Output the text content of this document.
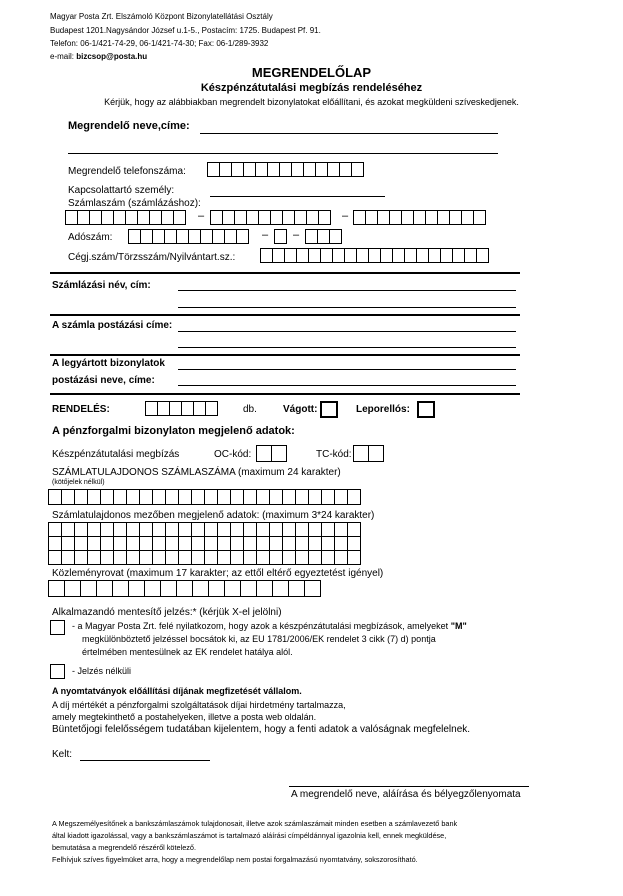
Magyar Posta Zrt. Elszámoló Központ Bizonylatellátási Osztály
Budapest 1201.Nagysándor József u.1-5., Postacím: 1725. Budapest Pf. 91.
Telefon: 06-1/421-74-29, 06-1/421-74-30; Fax: 06-1/289-3932
e-mail: bizcsop@posta.hu
MEGRENDELŐLAP
Készpénzátutalási megbízás rendeléséhez
Kérjük, hogy az alábbiakban megrendelt bizonylatokat előállítani, és azokat megküldeni szíveskedjenek.
Megrendelő neve,címe:
Megrendelő telefonszáma:
Kapcsolattartó személy:
Számlaszám (számlázáshoz):
–	–
Adószám:	– –
Cégj.szám/Törzsszám/Nyilvántart.sz.:
Számlázási név, cím:
A számla postázási címe:
A legyártott bizonylatok
postázási neve, címe:
RENDELÉS:	db.	Vágott:	Leporellós:
A pénzforgalmi bizonylaton megjelenő adatok:
Készpénzátutalási megbízás	OC-kód:	TC-kód:
SZÁMLATULAJDONOS SZÁMLASZÁMA (maximum 24 karakter)
(kötőjelek nélkül)
Számlatulajdonos mezőben megjelenő adatok: (maximum 3*24 karakter)
Közleményrovat (maximum 17 karakter; az ettől eltérő egyeztetést igényel)
Alkalmazandó mentesítő jelzés:* (kérjük X-el jelölni)
- a Magyar Posta Zrt. felé nyilatkozom, hogy azok a készpénzátutalási megbízások, amelyeket "M"
megkülönböztető jelzéssel bocsátok ki, az EU 1781/2006/EK rendelet 3 cikk (7) d) pontja
értelmében mentesülnek az EK rendelet hatálya alól.
- Jelzés nélküli
A nyomtatványok előállítási díjának megfizetését vállalom.
A díj mértékét a pénzforgalmi szolgáltatások díjai hirdetmény tartalmazza,
amely megtekinthető a postahelyeken, illetve a posta web oldalán.
Büntetőjogi felelősségem tudatában kijelentem, hogy a fenti adatok a valóságnak megfelelnek.
Kelt:
A megrendelő neve, aláírása és bélyegzőlenyomata
A Megszemélyesítőnek a bankszámlaszámok tulajdonosait, illetve azok számlaszámait minden esetben a számlavezető bank
által kiadott igazolással, vagy a bankszámlaszámot is tartalmazó aláírási címpéldánnyal igazolnia kell, ennek megküldése,
bemutatása a megrendelő részéről kötelező.
Felhívjuk szíves figyelmüket arra, hogy a megrendelőlap nem postai forgalmazású nyomtatvány, sokszorosítható.
